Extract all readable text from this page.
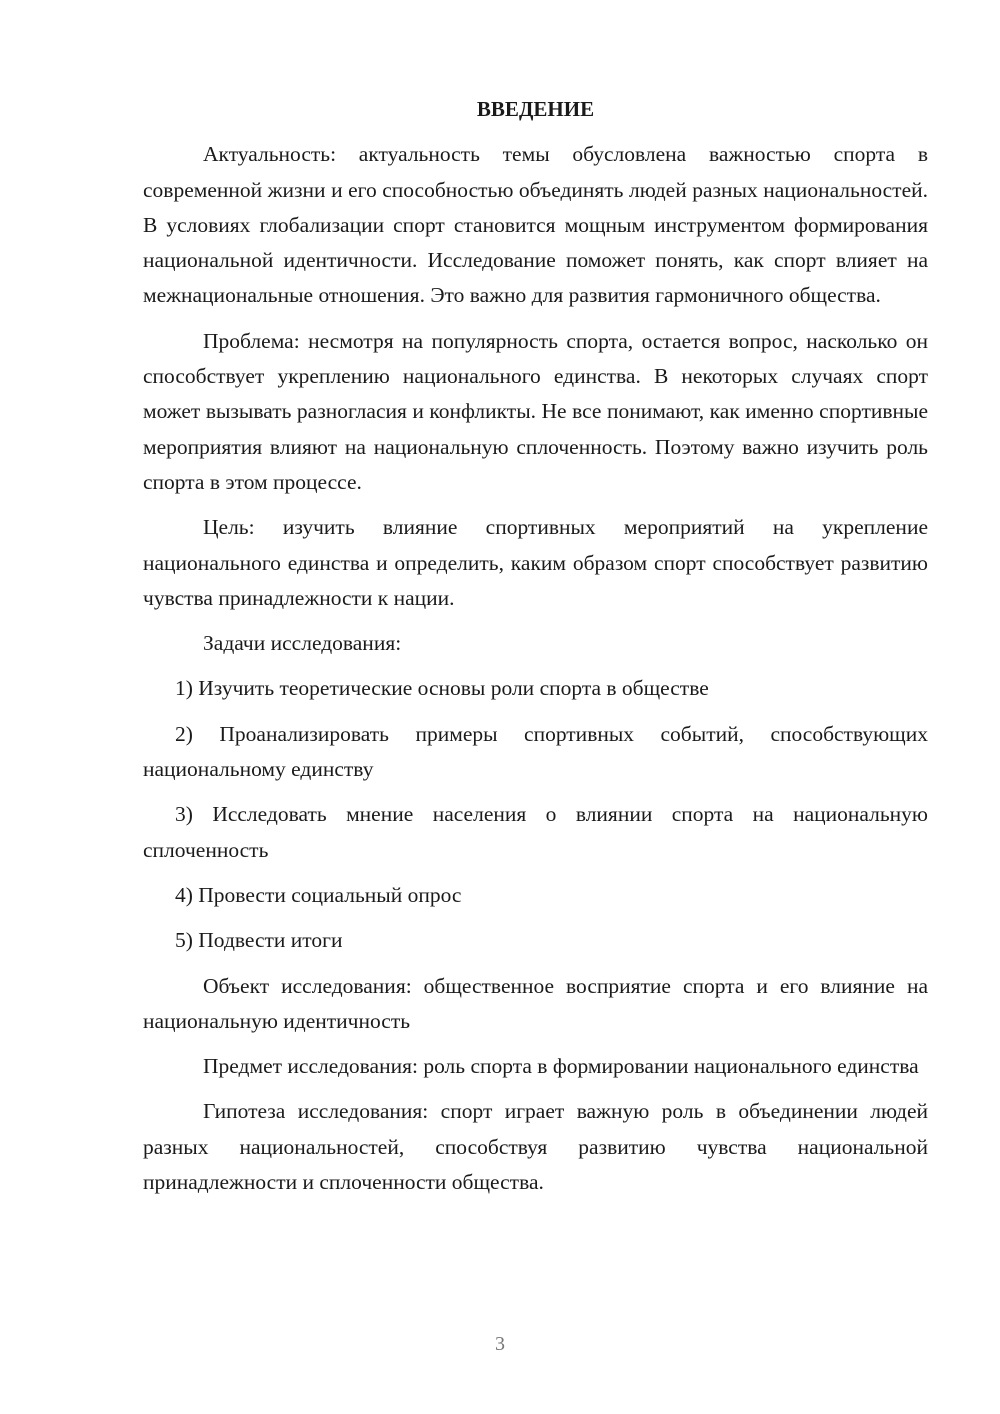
ВВЕДЕНИЕ

Актуальность: актуальность темы обусловлена важностью спорта в современной жизни и его способностью объединять людей разных национальностей. В условиях глобализации спорт становится мощным инструментом формирования национальной идентичности. Исследование поможет понять, как спорт влияет на межнациональные отношения. Это важно для развития гармоничного общества.

Проблема: несмотря на популярность спорта, остается вопрос, насколько он способствует укреплению национального единства. В некоторых случаях спорт может вызывать разногласия и конфликты. Не все понимают, как именно спортивные мероприятия влияют на национальную сплоченность. Поэтому важно изучить роль спорта в этом процессе.

Цель: изучить влияние спортивных мероприятий на укрепление национального единства и определить, каким образом спорт способствует развитию чувства принадлежности к нации.

Задачи исследования:

1) Изучить теоретические основы роли спорта в обществе

2) Проанализировать примеры спортивных событий, способствующих национальному единству

3) Исследовать мнение населения о влиянии спорта на национальную сплоченность

4) Провести социальный опрос

5) Подвести итоги

Объект исследования: общественное восприятие спорта и его влияние на национальную идентичность

Предмет исследования: роль спорта в формировании национального единства

Гипотеза исследования: спорт играет важную роль в объединении людей разных национальностей, способствуя развитию чувства национальной принадлежности и сплоченности общества.

3
